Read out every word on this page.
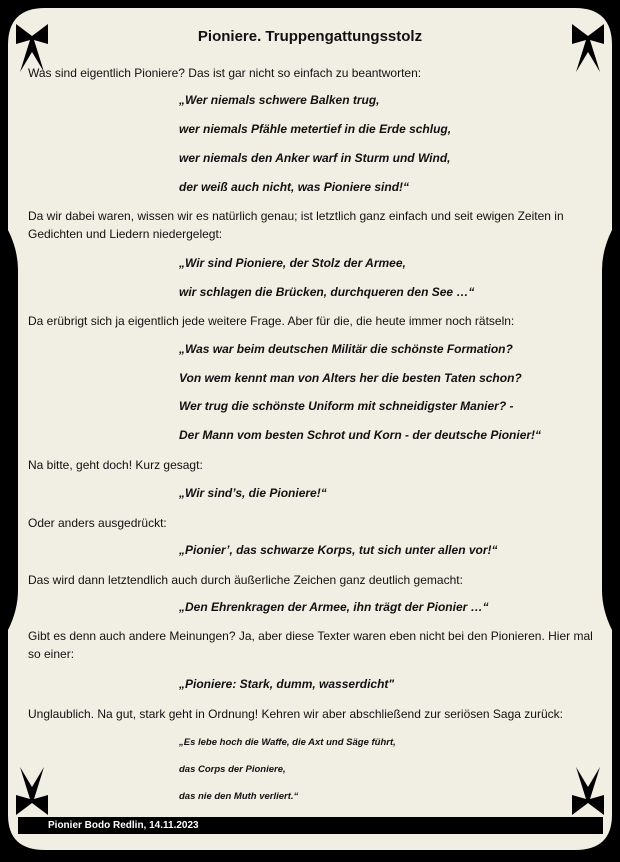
Pioniere. Truppengattungsstolz
Was sind eigentlich Pioniere? Das ist gar nicht so einfach zu beantworten:
„Wer niemals schwere Balken trug,
wer niemals Pfähle metertief in die Erde schlug,
wer niemals den Anker warf in Sturm und Wind,
der weiß auch nicht, was Pioniere sind!“
Da wir dabei waren, wissen wir es natürlich genau; ist letztlich ganz einfach und seit ewigen Zeiten in Gedichten und Liedern niedergelegt:
„Wir sind Pioniere, der Stolz der Armee,
wir schlagen die Brücken, durchqueren den See …“
Da erübrigt sich ja eigentlich jede weitere Frage. Aber für die, die heute immer noch rätseln:
„Was war beim deutschen Militär die schönste Formation?
Von wem kennt man von Alters her die besten Taten schon?
Wer trug die schönste Uniform mit schneidigster Manier? -
Der Mann vom besten Schrot und Korn - der deutsche Pionier!“
Na bitte, geht doch! Kurz gesagt:
„Wir sind’s, die Pioniere!“
Oder anders ausgedrückt:
„Pionier’, das schwarze Korps, tut sich unter allen vor!“
Das wird dann letztendlich auch durch äußerliche Zeichen ganz deutlich gemacht:
„Den Ehrenkragen der Armee, ihn trägt der Pionier …“
Gibt es denn auch andere Meinungen? Ja, aber diese Texter waren eben nicht bei den Pionieren. Hier mal so einer:
„Pioniere: Stark, dumm, wasserdicht"
Unglaublich. Na gut, stark geht in Ordnung! Kehren wir aber abschließend zur seriösen Saga zurück:
„Es lebe hoch die Waffe, die Axt und Säge führt,
das Corps der Pioniere,
das nie den Muth verliert.“
Pionier Bodo Redlin, 14.11.2023
